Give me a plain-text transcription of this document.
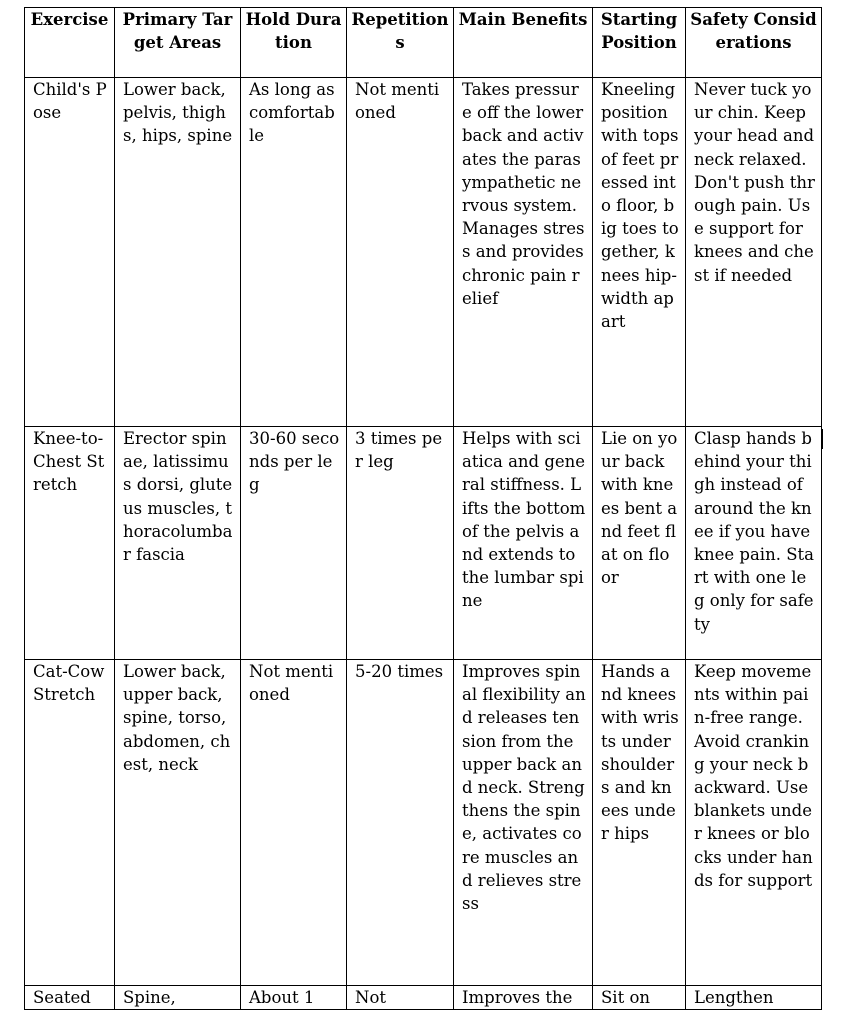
Exercise	Primary Target Areas	Hold Duration	Repetitions	Main Benefits	Starting Position	Safety Considerations
Child's Pose	Lower back, pelvis, thighs, hips, spine	As long as comfortable	Not mentioned	Takes pressure off the lower back and activates the parasympathetic nervous system. Manages stress and provides chronic pain relief	Kneeling position with tops of feet pressed into floor, big toes together, knees hip-width apart	Never tuck your chin. Keep your head and neck relaxed. Don't push through pain. Use support for knees and chest if needed
Knee-to-Chest Stretch	Erector spinae, latissimus dorsi, gluteus muscles, thoracolumbar fascia	30-60 seconds per leg	3 times per leg	Helps with sciatica and general stiffness. Lifts the bottom of the pelvis and extends to the lumbar spine	Lie on your back with knees bent and feet flat on floor	Clasp hands behind your thigh instead of around the knee if you have knee pain. Start with one leg only for safety
Cat-Cow Stretch	Lower back, upper back, spine, torso, abdomen, chest, neck	Not mentioned	5-20 times	Improves spinal flexibility and releases tension from the upper back and neck. Strengthens the spine, activates core muscles and relieves stress	Hands and knees with wrists under shoulders and knees under hips	Keep movements within pain-free range. Avoid cranking your neck backward. Use blankets under knees or blocks under hands for support
Seated	Spine,	About 1	Not	Improves the	Sit on	Lengthen
